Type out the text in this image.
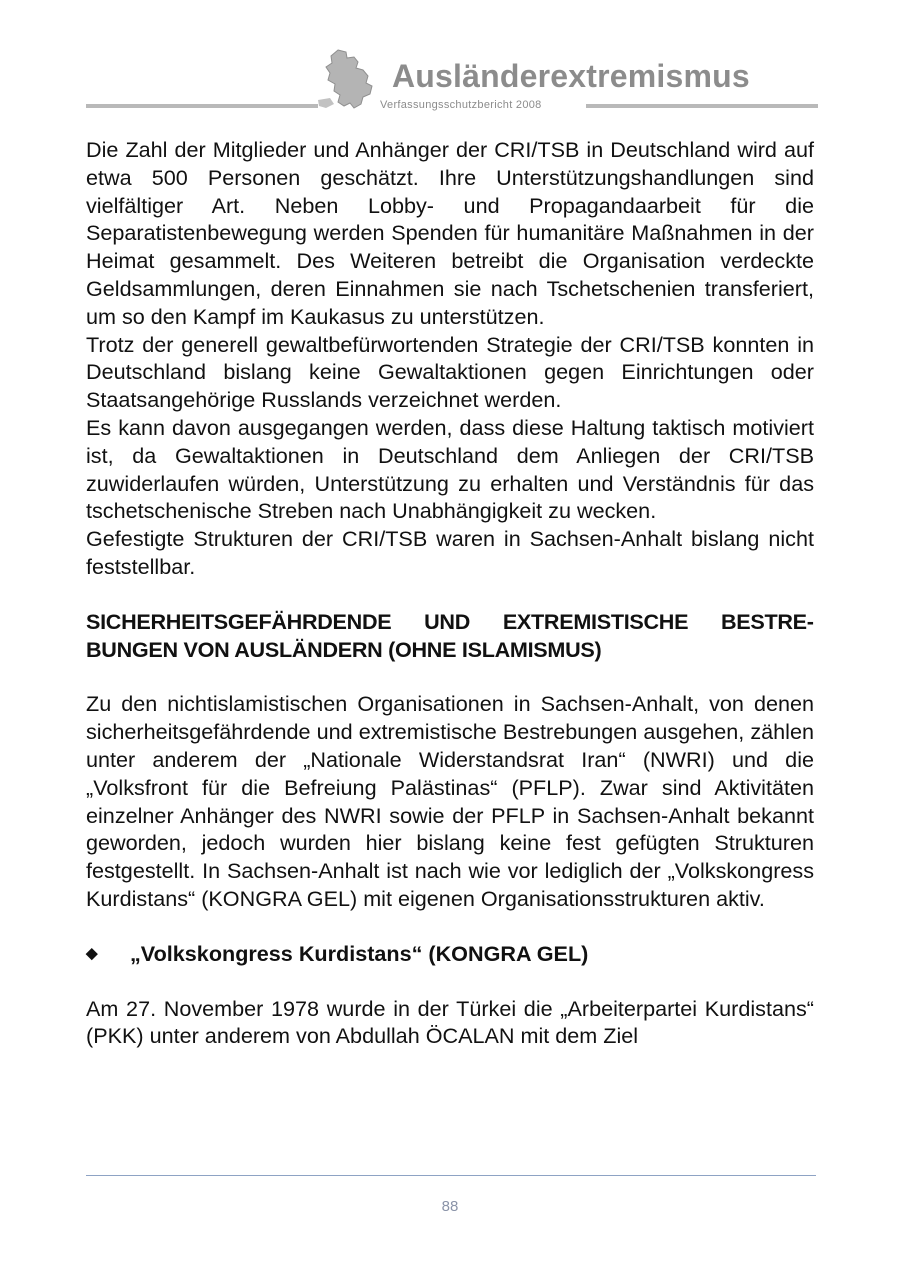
Ausländerextremismus
Verfassungsschutzbericht 2008

Die Zahl der Mitglieder und Anhänger der CRI/TSB in Deutschland wird auf etwa 500 Personen geschätzt. Ihre Unterstützungshandlungen sind vielfältiger Art. Neben Lobby- und Propagandaarbeit für die Separatistenbewegung werden Spenden für humanitäre Maßnahmen in der Heimat gesammelt. Des Weiteren betreibt die Organisation verdeckte Geldsammlungen, deren Einnahmen sie nach Tschetschenien transferiert, um so den Kampf im Kaukasus zu unterstützen.

Trotz der generell gewaltbefürwortenden Strategie der CRI/TSB konnten in Deutschland bislang keine Gewaltaktionen gegen Einrichtungen oder Staatsangehörige Russlands verzeichnet werden.

Es kann davon ausgegangen werden, dass diese Haltung taktisch motiviert ist, da Gewaltaktionen in Deutschland dem Anliegen der CRI/TSB zuwiderlaufen würden, Unterstützung zu erhalten und Verständnis für das tschetschenische Streben nach Unabhängigkeit zu wecken.

Gefestigte Strukturen der CRI/TSB waren in Sachsen-Anhalt bislang nicht feststellbar.

SICHERHEITSGEFÄHRDENDE UND EXTREMISTISCHE BESTREBUNGEN VON AUSLÄNDERN (OHNE ISLAMISMUS)

Zu den nichtislamistischen Organisationen in Sachsen-Anhalt, von denen sicherheitsgefährdende und extremistische Bestrebungen ausgehen, zählen unter anderem der „Nationale Widerstandsrat Iran“ (NWRI) und die „Volksfront für die Befreiung Palästinas“ (PFLP). Zwar sind Aktivitäten einzelner Anhänger des NWRI sowie der PFLP in Sachsen-Anhalt bekannt geworden, jedoch wurden hier bislang keine fest gefügten Strukturen festgestellt. In Sachsen-Anhalt ist nach wie vor lediglich der „Volkskongress Kurdistans“ (KONGRA GEL) mit eigenen Organisationsstrukturen aktiv.

◆	„Volkskongress Kurdistans“ (KONGRA GEL)

Am 27. November 1978 wurde in der Türkei die „Arbeiterpartei Kurdistans“ (PKK) unter anderem von Abdullah ÖCALAN mit dem Ziel

88
